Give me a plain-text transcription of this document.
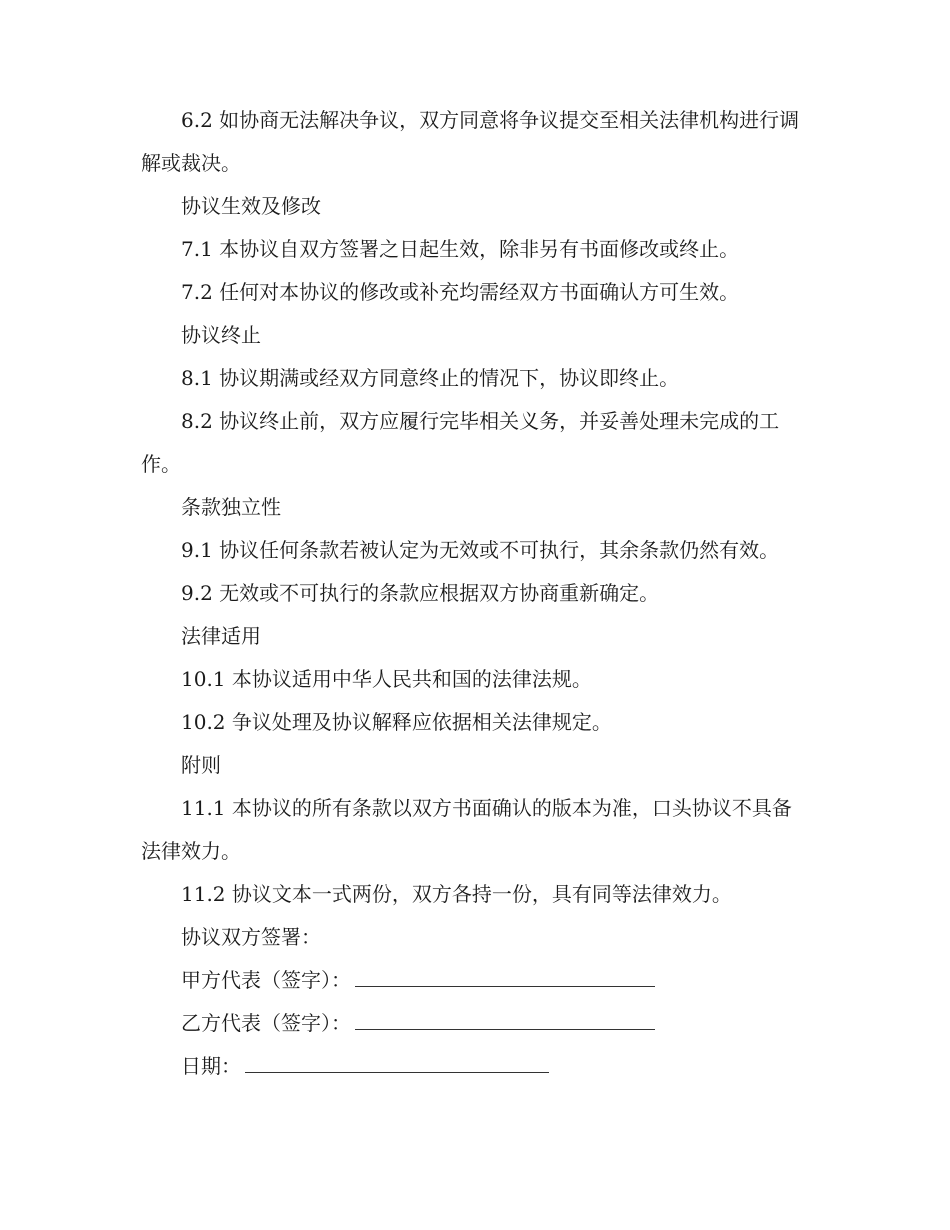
6.2 如协商无法解决争议，双方同意将争议提交至相关法律机构进行调解或裁决。

协议生效及修改

7.1 本协议自双方签署之日起生效，除非另有书面修改或终止。

7.2 任何对本协议的修改或补充均需经双方书面确认方可生效。

协议终止

8.1 协议期满或经双方同意终止的情况下，协议即终止。

8.2 协议终止前，双方应履行完毕相关义务，并妥善处理未完成的工作。

条款独立性

9.1 协议任何条款若被认定为无效或不可执行，其余条款仍然有效。

9.2 无效或不可执行的条款应根据双方协商重新确定。

法律适用

10.1 本协议适用中华人民共和国的法律法规。

10.2 争议处理及协议解释应依据相关法律规定。

附则

11.1 本协议的所有条款以双方书面确认的版本为准，口头协议不具备法律效力。

11.2 协议文本一式两份，双方各持一份，具有同等法律效力。

协议双方签署：

甲方代表（签字）：
乙方代表（签字）：
日期：
